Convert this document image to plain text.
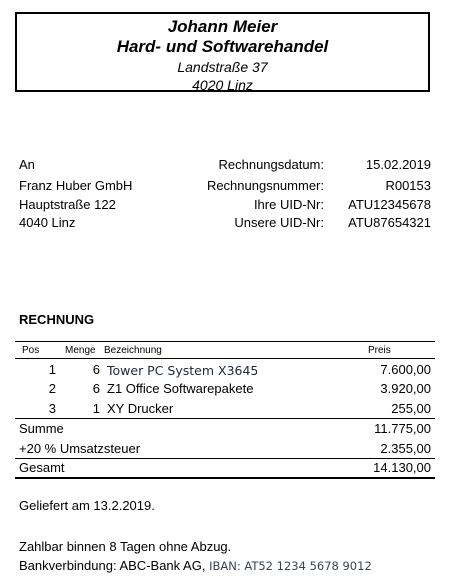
Johann Meier
Hard- und Softwarehandel
Landstraße 37
4020 Linz
An
Franz Huber GmbH
Hauptstraße 122
4040 Linz
Rechnungsdatum:	15.02.2019
Rechnungsnummer:	R00153
Ihre UID-Nr: ATU12345678
Unsere UID-Nr: ATU87654321
RECHNUNG
Pos	Menge Bezeichnung	Preis
1	6 Tower PC System X3645	7.600,00
2	6 Z1 Office Softwarepakete	3.920,00
3	1 XY Drucker	255,00
Summe	11.775,00
+20 % Umsatzsteuer	2.355,00
Gesamt	14.130,00
Geliefert am 13.2.2019.
Zahlbar binnen 8 Tagen ohne Abzug.
Bankverbindung: ABC-Bank AG, IBAN: AT52 1234 5678 9012
